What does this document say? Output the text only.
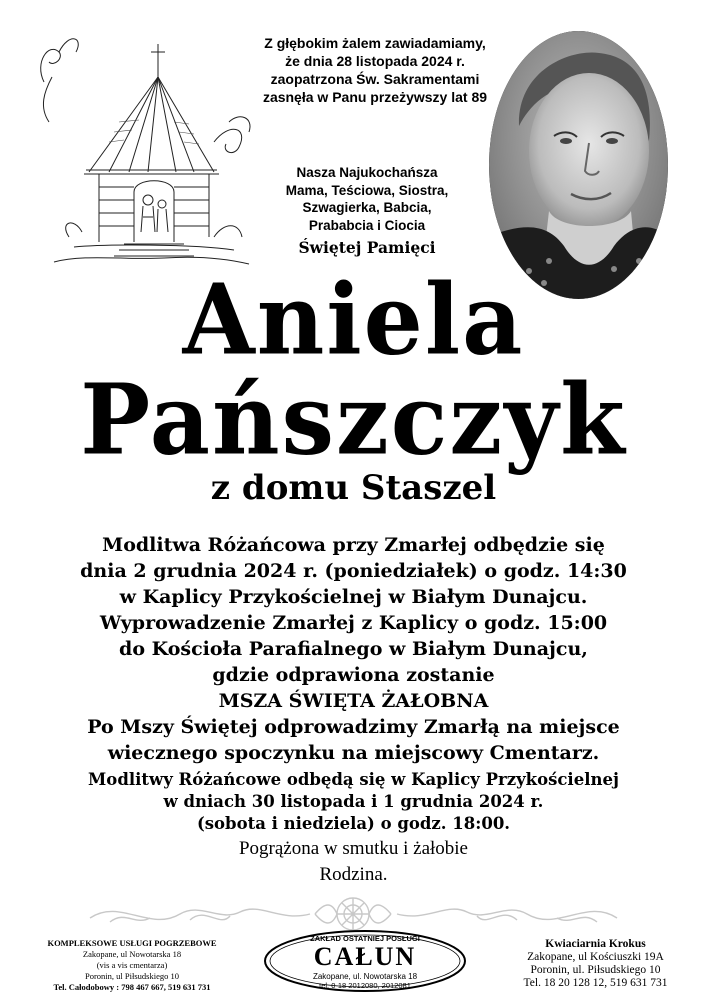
Z głębokim żalem zawiadamiamy,
że dnia 28 listopada 2024 r.
zaopatrzona Św. Sakramentami
zasnęła w Panu przeżywszy lat 89
Nasza Najukochańsza
Mama, Teściowa, Siostra,
Szwagierka, Babcia,
Prababcia i Ciocia
Świętej Pamięci
Aniela
Pańszczyk
z domu Staszel
Modlitwa Różańcowa przy Zmarłej odbędzie się
dnia 2 grudnia 2024 r. (poniedziałek) o godz. 14:30
w Kaplicy Przykościelnej w Białym Dunajcu.
Wyprowadzenie Zmarłej z Kaplicy o godz. 15:00
do Kościoła Parafialnego w Białym Dunajcu,
gdzie odprawiona zostanie
MSZA ŚWIĘTA ŻAŁOBNA
Po Mszy Świętej odprowadzimy Zmarłą na miejsce
wiecznego spoczynku na miejscowy Cmentarz.
Modlitwy Różańcowe odbędą się w Kaplicy Przykościelnej
w dniach 30 listopada i 1 grudnia 2024 r.
(sobota i niedziela) o godz. 18:00.
Pogrążona w smutku i żałobie
Rodzina.
KOMPLEKSOWE USŁUGI POGRZEBOWE
Zakopane, ul Nowotarska 18
(vis a vis cmentarza)
Poronin, ul Piłsudskiego 10
Tel. Całodobowy : 798 467 667, 519 631 731
ZAKŁAD OSTATNIEJ POSŁUGI
CAŁUN
Zakopane, ul. Nowotarska 18
tel. 0-18 2012080, 2012081
Kwiaciarnia Krokus
Zakopane, ul Kościuszki 19A
Poronin, ul. Piłsudskiego 10
Tel. 18 20 128 12, 519 631 731
